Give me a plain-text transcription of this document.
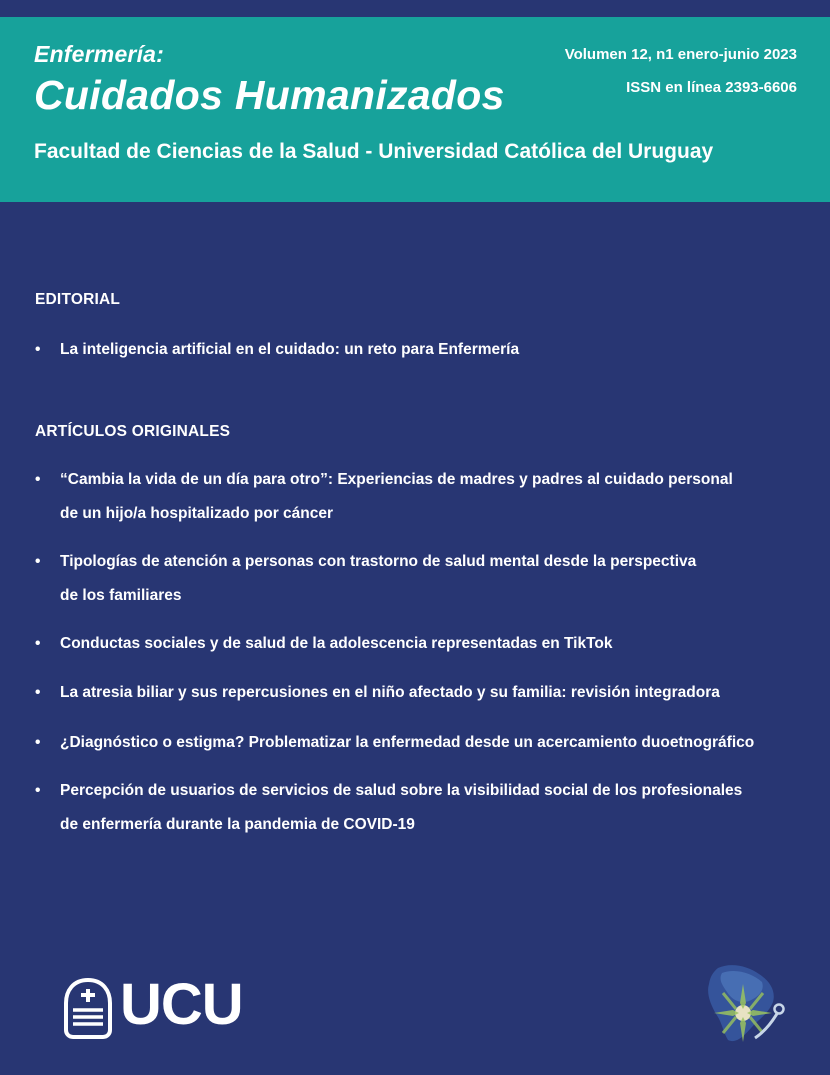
Enfermería:
Cuidados Humanizados
Facultad de Ciencias de la Salud - Universidad Católica del Uruguay
Volumen 12, n1 enero-junio 2023
ISSN en línea 2393-6606
EDITORIAL
•	La inteligencia artificial en el cuidado: un reto para Enfermería
ARTÍCULOS ORIGINALES
•	“Cambia la vida de un día para otro”: Experiencias de madres y padres al cuidado personal
de un hijo/a hospitalizado por cáncer
•	Tipologías de atención a personas con trastorno de salud mental desde la perspectiva
de los familiares
•	Conductas sociales y de salud de la adolescencia representadas en TikTok
•	La atresia biliar y sus repercusiones en el niño afectado y su familia: revisión integradora
•	¿Diagnóstico o estigma? Problematizar la enfermedad desde un acercamiento duoetnográfico
•	Percepción de usuarios de servicios de salud sobre la visibilidad social de los profesionales
de enfermería durante la pandemia de COVID-19
UCU
